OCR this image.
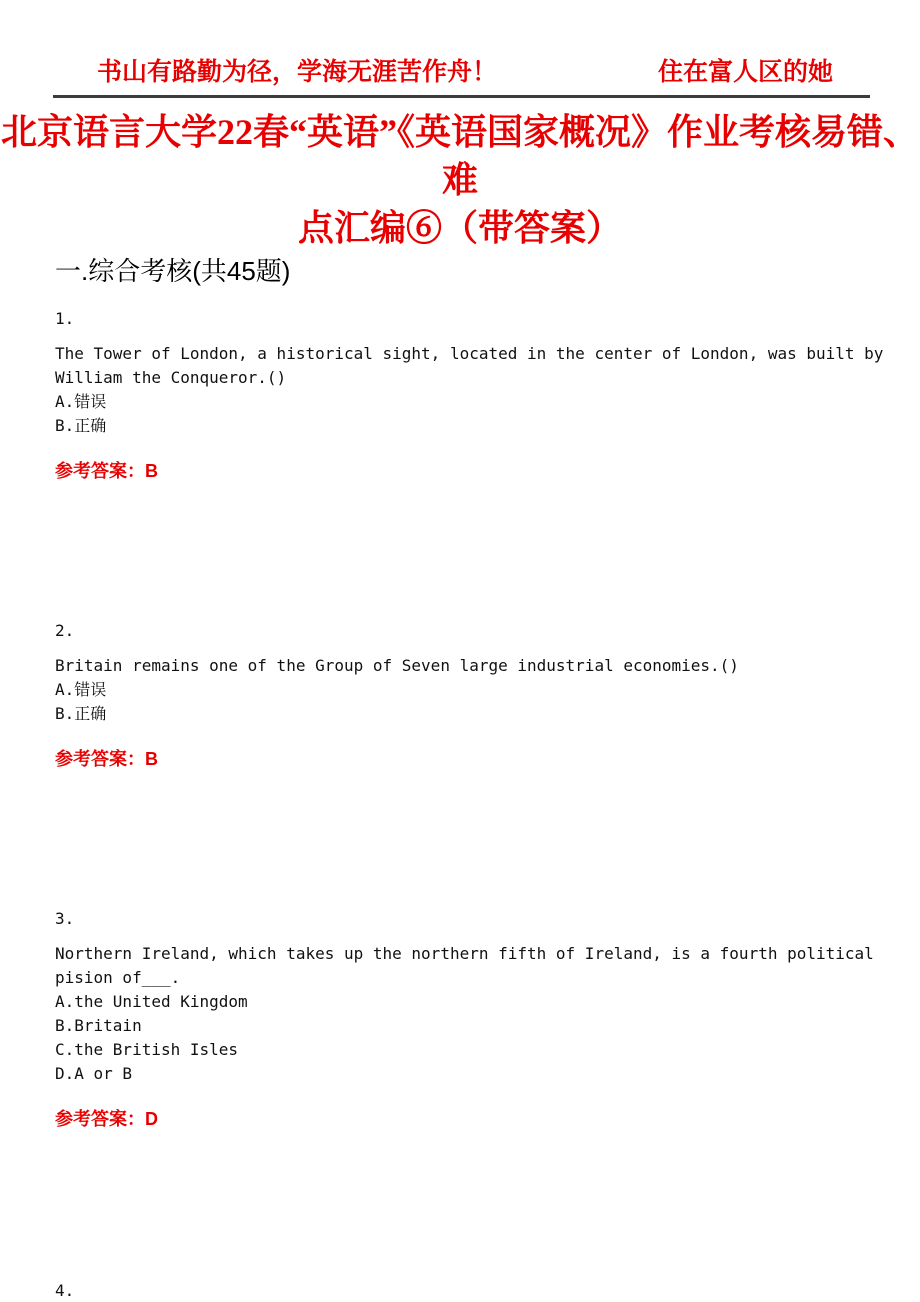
书山有路勤为径，学海无涯苦作舟！	住在富人区的她
北京语言大学22春“英语”《英语国家概况》作业考核易错、难
点汇编⑥（带答案）
一.综合考核(共45题)
1.
The Tower of London, a historical sight, located in the center of London, was built by
William the Conqueror.()
A.错误
B.正确
参考答案：B
2.
Britain remains one of the Group of Seven large industrial economies.()
A.错误
B.正确
参考答案：B
3.
Northern Ireland, which takes up the northern fifth of Ireland, is a fourth political
pision of___.
A.the United Kingdom
B.Britain
C.the British Isles
D.A or B
参考答案：D
4.
